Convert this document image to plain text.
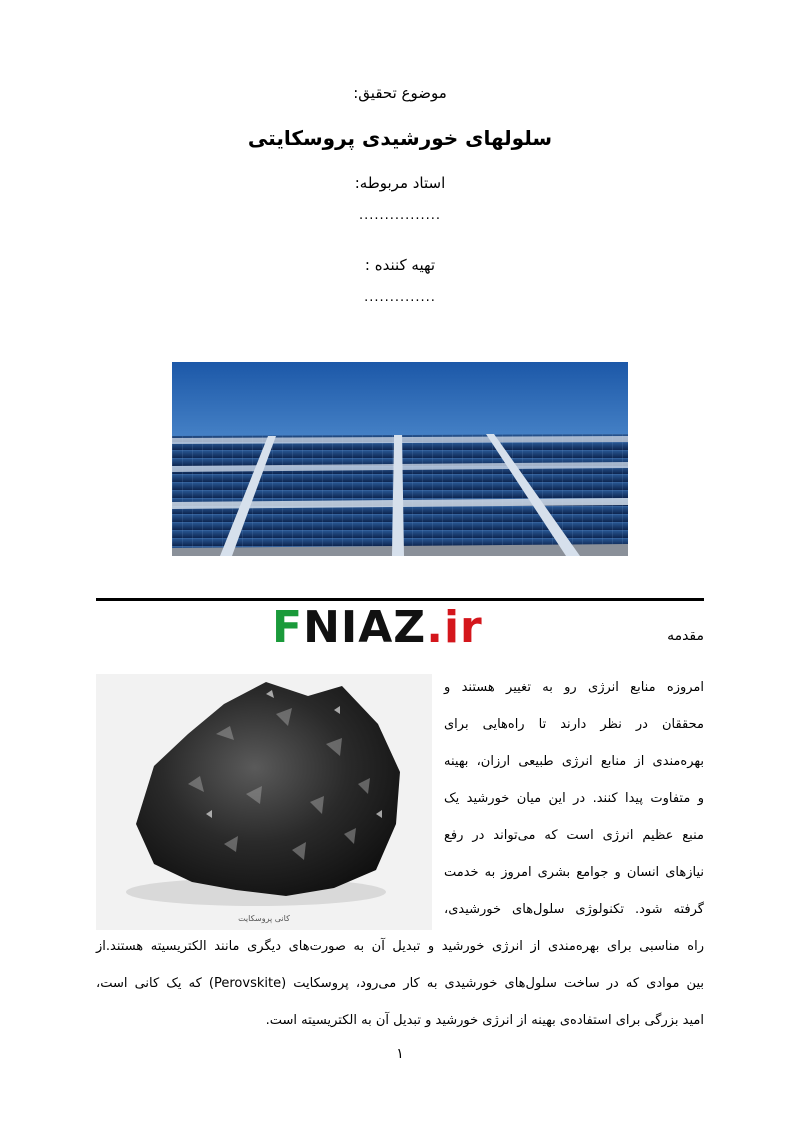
موضوع تحقیق:
سلولهای خورشیدی پروسکایتی
استاد مربوطه:
................
تهیه کننده :
..............
FNIAZ.ir	مقدمه
کانی پروسکایت
امروزه منابع انرژی رو به تغییر هستند و
محققان در نظر دارند تا راه‌هایی برای
بهره‌مندی از منابع انرژی طبیعی ارزان، بهینه
و متفاوت پیدا کنند. در این میان خورشید یک
منبع عظیم انرژی است که می‌تواند در رفع
نیازهای انسان و جوامع بشری امروز به خدمت
گرفته شود. تکنولوژی سلول‌های خورشیدی،
راه مناسبی برای بهره‌مندی از انرژی خورشید و تبدیل آن به صورت‌های دیگری مانند الکتریسیته هستند.از
بین موادی که در ساخت سلول‌های خورشیدی به کار می‌رود، پروسکایت (Perovskite) که یک کانی است،
امید بزرگی برای استفاده‌ی بهینه از انرژی خورشید و تبدیل آن به الکتریسیته است.
۱
